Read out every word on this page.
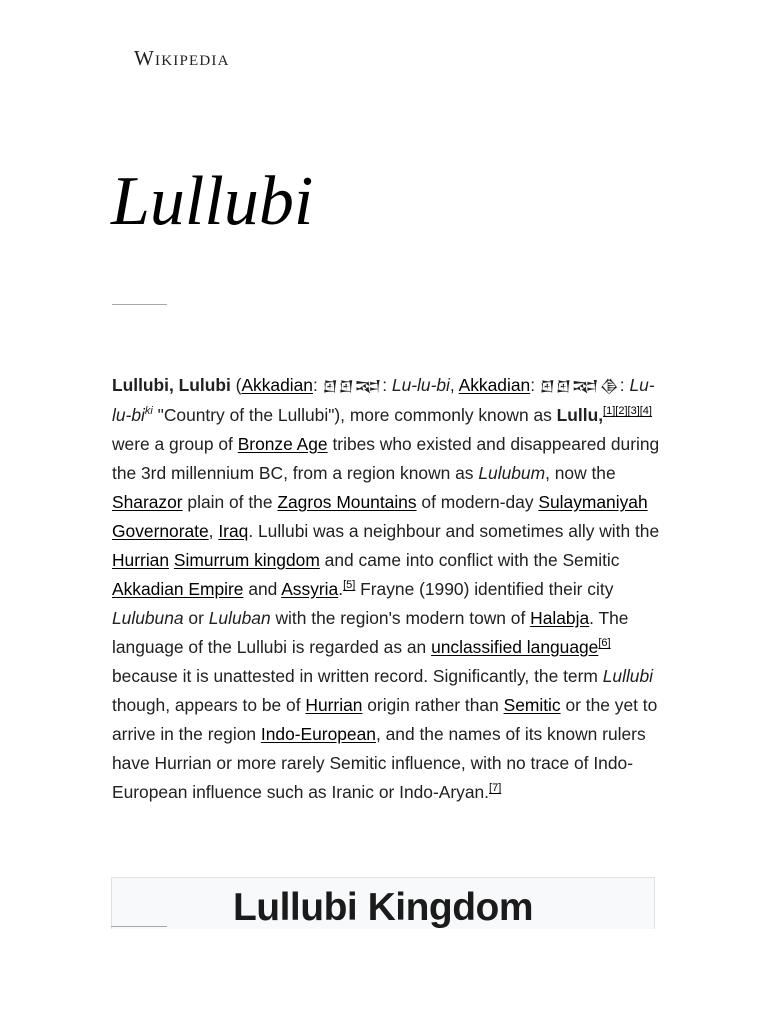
Wikipedia
Lullubi

Lullubi, Lulubi (Akkadian: 𒇻𒇻𒉈: Lu-lu-bi, Akkadian: 𒇻𒇻𒉈𒆠: $Lu-lu-bi^{ki}$ "Country of the Lullubi"), more commonly known as Lullu,[1][2][3][4] were a group of Bronze Age tribes who existed and disappeared during the 3rd millennium BC, from a region known as Lulubum, now the Sharazor plain of the Zagros Mountains of modern-day Sulaymaniyah Governorate, Iraq. Lullubi was a neighbour and sometimes ally with the Hurrian Simurrum kingdom and came into conflict with the Semitic Akkadian Empire and Assyria.[5] Frayne (1990) identified their city Lulubuna or Luluban with the region's modern town of Halabja. The language of the Lullubi is regarded as an unclassified language[6] because it is unattested in written record. Significantly, the term Lullubi though, appears to be of Hurrian origin rather than Semitic or the yet to arrive in the region Indo-European, and the names of its known rulers have Hurrian or more rarely Semitic influence, with no trace of Indo-European influence such as Iranic or Indo-Aryan.[7]

Lullubi Kingdom
